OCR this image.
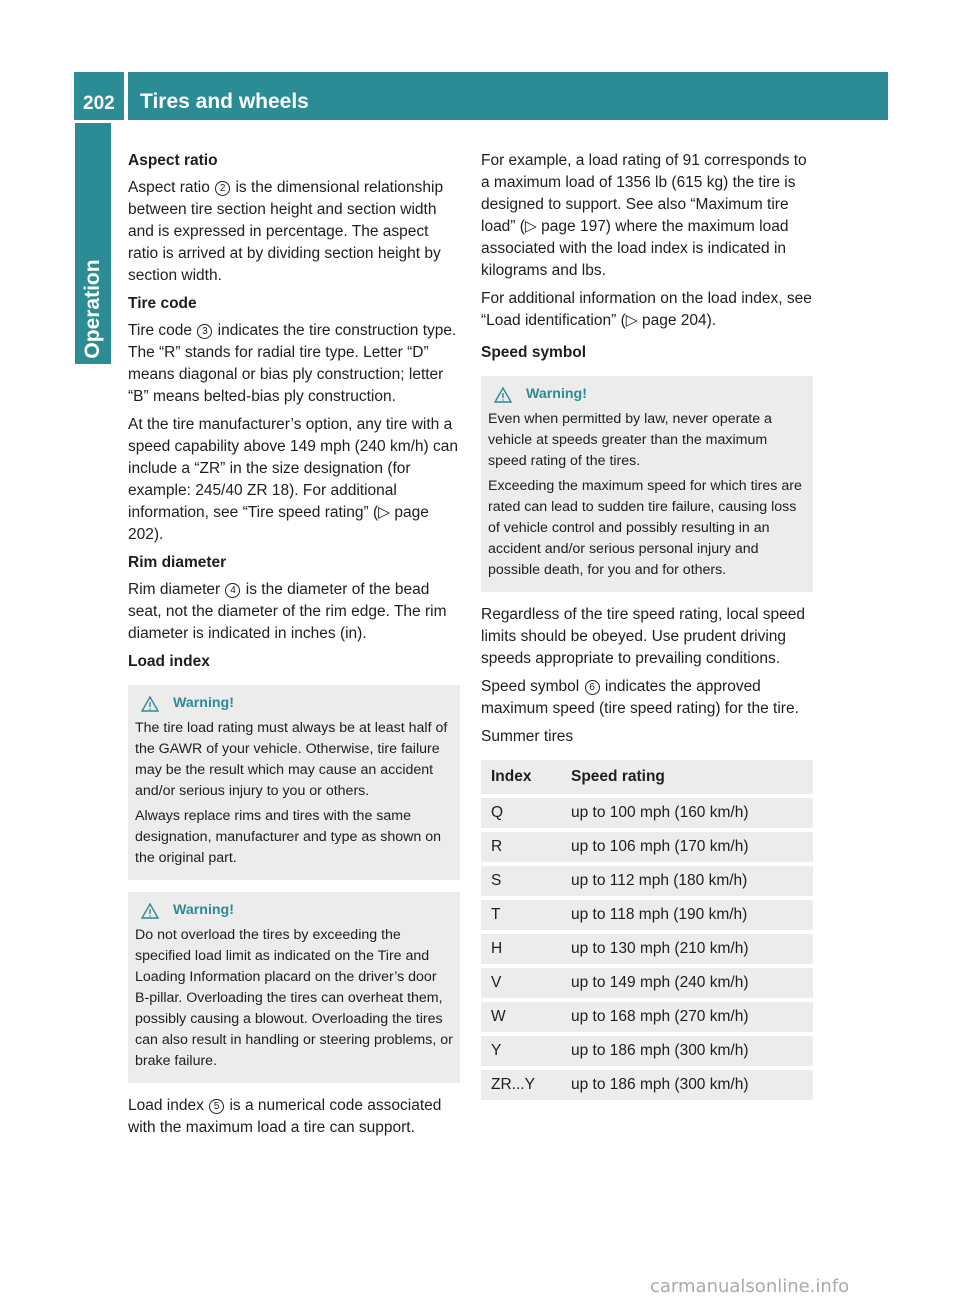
202	Tires and wheels
Operation
Aspect ratio

Aspect ratio 2 is the dimensional relationship between tire section height and section width and is expressed in percentage. The aspect ratio is arrived at by dividing section height by section width.

Tire code

Tire code 3 indicates the tire construction type. The “R” stands for radial tire type. Letter “D” means diagonal or bias ply construction; letter “B” means belted-bias ply construction.

At the tire manufacturer’s option, any tire with a speed capability above 149 mph (240 km/h) can include a “ZR” in the size designation (for example: 245/40 ZR 18). For additional information, see “Tire speed rating” (▷ page 202).

Rim diameter

Rim diameter 4 is the diameter of the bead seat, not the diameter of the rim edge. The rim diameter is indicated in inches (in).

Load index
Warning!

The tire load rating must always be at least half of the GAWR of your vehicle. Otherwise, tire failure may be the result which may cause an accident and/or serious injury to you or others.

Always replace rims and tires with the same designation, manufacturer and type as shown on the original part.

Warning!

Do not overload the tires by exceeding the specified load limit as indicated on the Tire and Loading Information placard on the driver’s door B-pillar. Overloading the tires can overheat them, possibly causing a blowout. Overloading the tires can also result in handling or steering problems, or brake failure.

Load index 5 is a numerical code associated with the maximum load a tire can support.

For example, a load rating of 91 corresponds to a maximum load of 1356 lb (615 kg) the tire is designed to support. See also “Maximum tire load” (▷ page 197) where the maximum load associated with the load index is indicated in kilograms and lbs.

For additional information on the load index, see “Load identification” (▷ page 204).

Speed symbol
Warning!

Even when permitted by law, never operate a vehicle at speeds greater than the maximum speed rating of the tires.

Exceeding the maximum speed for which tires are rated can lead to sudden tire failure, causing loss of vehicle control and possibly resulting in an accident and/or serious personal injury and possible death, for you and for others.

Regardless of the tire speed rating, local speed limits should be obeyed. Use prudent driving speeds appropriate to prevailing conditions.

Speed symbol 6 indicates the approved maximum speed (tire speed rating) for the tire.

Summer tires

Index	Speed rating
Q	up to 100 mph (160 km/h)
R	up to 106 mph (170 km/h)
S	up to 112 mph (180 km/h)
T	up to 118 mph (190 km/h)
H	up to 130 mph (210 km/h)
V	up to 149 mph (240 km/h)
W	up to 168 mph (270 km/h)
Y	up to 186 mph (300 km/h)
ZR...Y	up to 186 mph (300 km/h)
carmanualsonline.info
